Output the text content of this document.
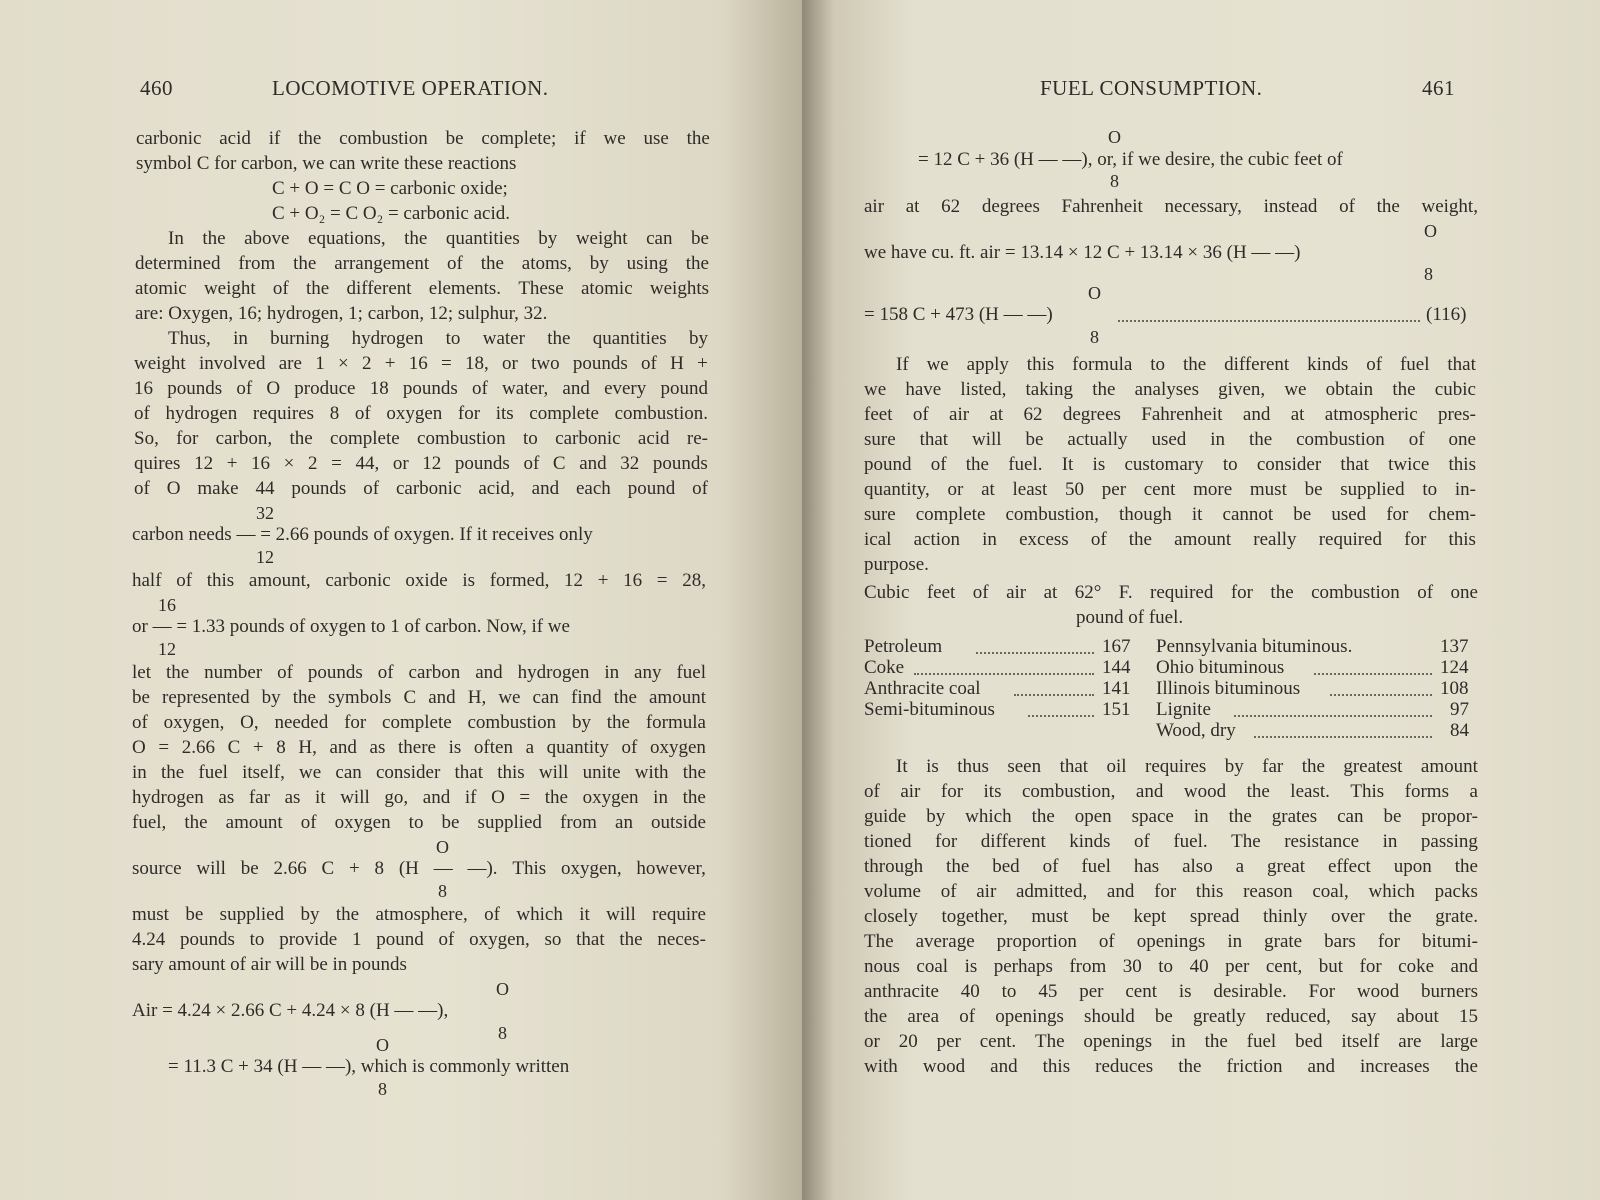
460	LOCOMOTIVE OPERATION.
carbonic acid if the combustion be complete; if we use the
symbol C for carbon, we can write these reactions
C + O = C O = carbonic oxide;
C + O₂ = C O₂ = carbonic acid.
In the above equations, the quantities by weight can be
determined from the arrangement of the atoms, by using the
atomic weight of the different elements. These atomic weights
are: Oxygen, 16; hydrogen, 1; carbon, 12; sulphur, 32.
Thus, in burning hydrogen to water the quantities by
weight involved are 1 × 2 + 16 = 18, or two pounds of H +
16 pounds of O produce 18 pounds of water, and every pound
of hydrogen requires 8 of oxygen for its complete combustion.
So, for carbon, the complete combustion to carbonic acid re-
quires 12 + 16 × 2 = 44, or 12 pounds of C and 32 pounds
of O make 44 pounds of carbonic acid, and each pound of
32
carbon needs — = 2.66 pounds of oxygen. If it receives only
12
half of this amount, carbonic oxide is formed, 12 + 16 = 28,
16
or — = 1.33 pounds of oxygen to 1 of carbon. Now, if we
12
let the number of pounds of carbon and hydrogen in any fuel
be represented by the symbols C and H, we can find the amount
of oxygen, O, needed for complete combustion by the formula
O = 2.66 C + 8 H, and as there is often a quantity of oxygen
in the fuel itself, we can consider that this will unite with the
hydrogen as far as it will go, and if O = the oxygen in the
fuel, the amount of oxygen to be supplied from an outside
O
source will be 2.66 C + 8 (H — —). This oxygen, however,
8
must be supplied by the atmosphere, of which it will require
4.24 pounds to provide 1 pound of oxygen, so that the neces-
sary amount of air will be in pounds
O
Air = 4.24 × 2.66 C + 4.24 × 8 (H — —),
8
O
= 11.3 C + 34 (H — —), which is commonly written
8
FUEL CONSUMPTION.	461
O
= 12 C + 36 (H — —), or, if we desire, the cubic feet of
8
air at 62 degrees Fahrenheit necessary, instead of the weight,
O
we have cu. ft. air = 13.14 × 12 C + 13.14 × 36 (H — —)
8
O
= 158 C + 473 (H — —)	(116)
8
If we apply this formula to the different kinds of fuel that
we have listed, taking the analyses given, we obtain the cubic
feet of air at 62 degrees Fahrenheit and at atmospheric pres-
sure that will be actually used in the combustion of one
pound of the fuel. It is customary to consider that twice this
quantity, or at least 50 per cent more must be supplied to in-
sure complete combustion, though it cannot be used for chem-
ical action in excess of the amount really required for this
purpose.
Cubic feet of air at 62° F. required for the combustion of one
pound of fuel.
Petroleum	167
Coke	144
Anthracite coal	141
Semi-bituminous	151
Pennsylvania bituminous.	137
Ohio bituminous	124
Illinois bituminous	108
Lignite	97
Wood, dry	84
It is thus seen that oil requires by far the greatest amount
of air for its combustion, and wood the least. This forms a
guide by which the open space in the grates can be propor-
tioned for different kinds of fuel. The resistance in passing
through the bed of fuel has also a great effect upon the
volume of air admitted, and for this reason coal, which packs
closely together, must be kept spread thinly over the grate.
The average proportion of openings in grate bars for bitumi-
nous coal is perhaps from 30 to 40 per cent, but for coke and
anthracite 40 to 45 per cent is desirable. For wood burners
the area of openings should be greatly reduced, say about 15
or 20 per cent. The openings in the fuel bed itself are large
with wood and this reduces the friction and increases the
